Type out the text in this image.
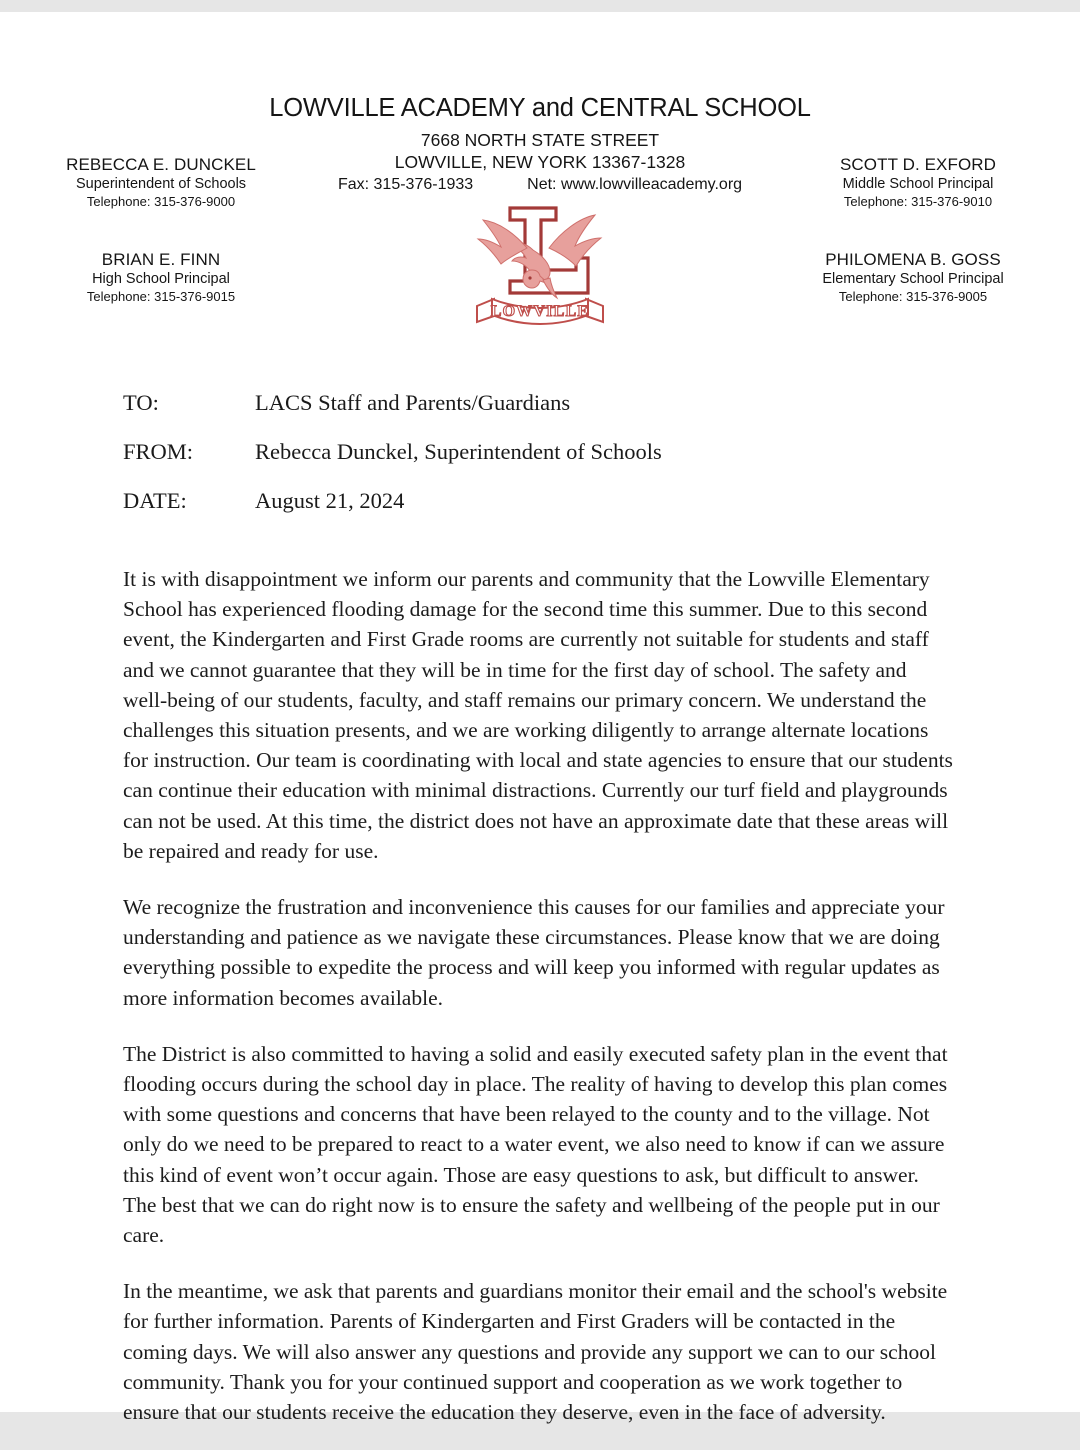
LOWVILLE ACADEMY and CENTRAL SCHOOL
7668 NORTH STATE STREET
LOWVILLE, NEW YORK 13367-1328
Fax: 315-376-1933	Net: www.lowvilleacademy.org
REBECCA E. DUNCKEL
Superintendent of Schools
Telephone: 315-376-9000
SCOTT D. EXFORD
Middle School Principal
Telephone: 315-376-9010
BRIAN E. FINN
High School Principal
Telephone: 315-376-9015
PHILOMENA B. GOSS
Elementary School Principal
Telephone: 315-376-9005
LOWVILLE
TO:	LACS Staff and Parents/Guardians
FROM:	Rebecca Dunckel, Superintendent of Schools
DATE:	August 21, 2024

It is with disappointment we inform our parents and community that the Lowville Elementary School has experienced flooding damage for the second time this summer. Due to this second event, the Kindergarten and First Grade rooms are currently not suitable for students and staff and we cannot guarantee that they will be in time for the first day of school. The safety and well-being of our students, faculty, and staff remains our primary concern. We understand the challenges this situation presents, and we are working diligently to arrange alternate locations for instruction. Our team is coordinating with local and state agencies to ensure that our students can continue their education with minimal distractions. Currently our turf field and playgrounds can not be used. At this time, the district does not have an approximate date that these areas will be repaired and ready for use.

We recognize the frustration and inconvenience this causes for our families and appreciate your understanding and patience as we navigate these circumstances. Please know that we are doing everything possible to expedite the process and will keep you informed with regular updates as more information becomes available.

The District is also committed to having a solid and easily executed safety plan in the event that flooding occurs during the school day in place. The reality of having to develop this plan comes with some questions and concerns that have been relayed to the county and to the village. Not only do we need to be prepared to react to a water event, we also need to know if can we assure this kind of event won’t occur again. Those are easy questions to ask, but difficult to answer. The best that we can do right now is to ensure the safety and wellbeing of the people put in our care.

In the meantime, we ask that parents and guardians monitor their email and the school's website for further information. Parents of Kindergarten and First Graders will be contacted in the coming days. We will also answer any questions and provide any support we can to our school community. Thank you for your continued support and cooperation as we work together to ensure that our students receive the education they deserve, even in the face of adversity.
